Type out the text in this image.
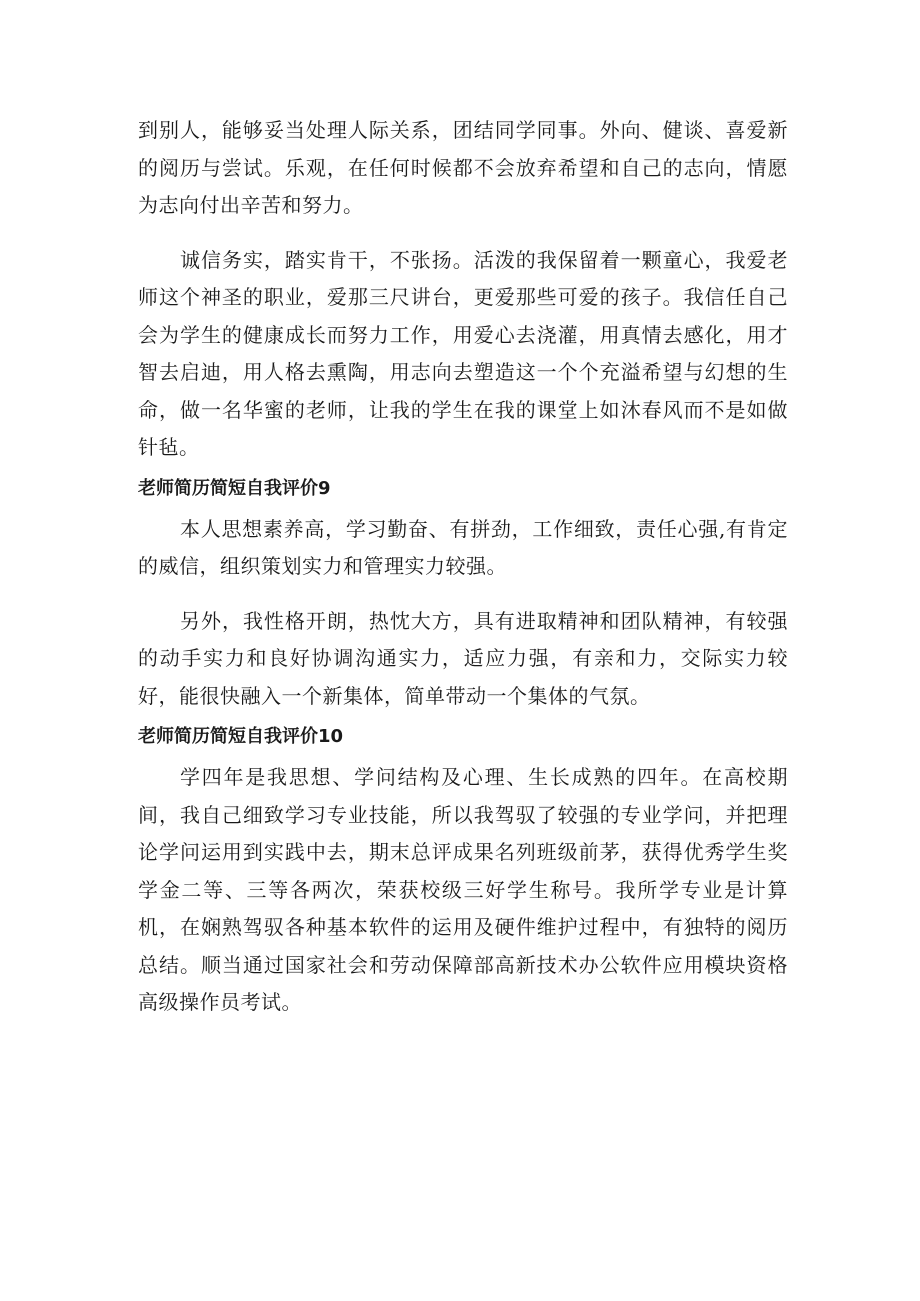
到别人，能够妥当处理人际关系，团结同学同事。外向、健谈、喜爱新的阅历与尝试。乐观，在任何时候都不会放弃希望和自己的志向，情愿为志向付出辛苦和努力。

诚信务实，踏实肯干，不张扬。活泼的我保留着一颗童心，我爱老师这个神圣的职业，爱那三尺讲台，更爱那些可爱的孩子。我信任自己会为学生的健康成长而努力工作，用爱心去浇灌，用真情去感化，用才智去启迪，用人格去熏陶，用志向去塑造这一个个充溢希望与幻想的生命，做一名华蜜的老师，让我的学生在我的课堂上如沐春风而不是如做针毡。

老师简历简短自我评价9

本人思想素养高，学习勤奋、有拼劲，工作细致，责任心强,有肯定的威信，组织策划实力和管理实力较强。

另外，我性格开朗，热忱大方，具有进取精神和团队精神，有较强的动手实力和良好协调沟通实力，适应力强，有亲和力，交际实力较好，能很快融入一个新集体，简单带动一个集体的气氛。

老师简历简短自我评价10

学四年是我思想、学问结构及心理、生长成熟的四年。在高校期间，我自己细致学习专业技能，所以我驾驭了较强的专业学问，并把理论学问运用到实践中去，期末总评成果名列班级前茅，获得优秀学生奖学金二等、三等各两次，荣获校级三好学生称号。我所学专业是计算机，在娴熟驾驭各种基本软件的运用及硬件维护过程中，有独特的阅历总结。顺当通过国家社会和劳动保障部高新技术办公软件应用模块资格高级操作员考试。
